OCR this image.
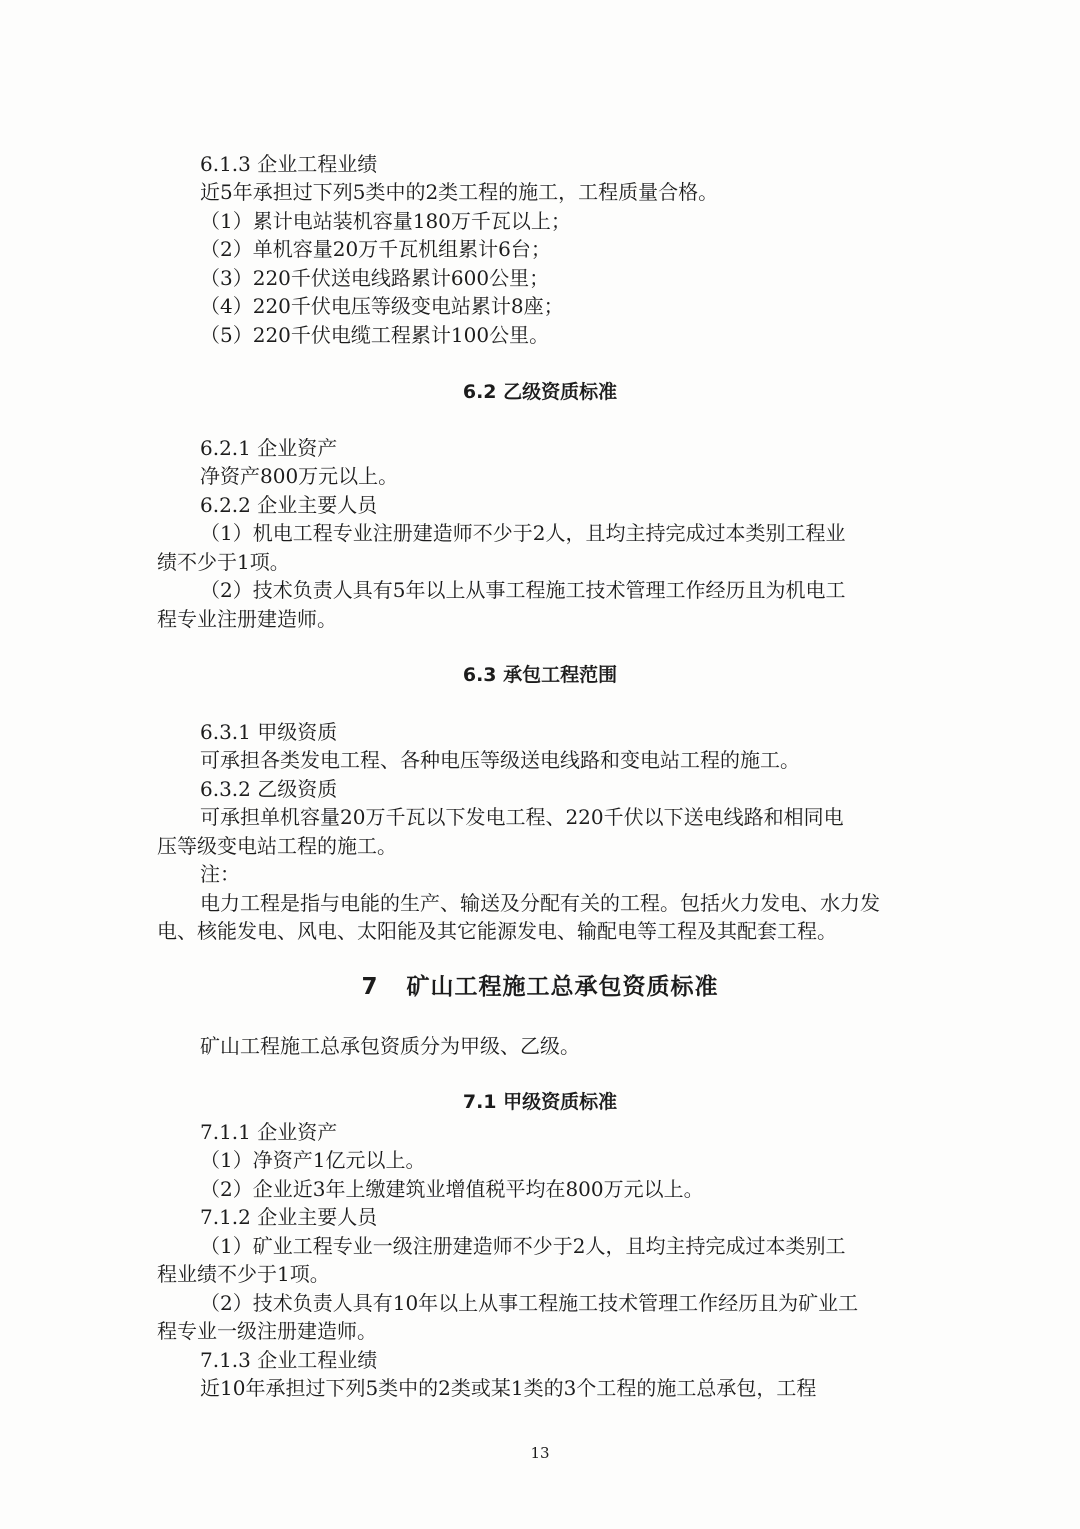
6.1.3 企业工程业绩

近5年承担过下列5类中的2类工程的施工，工程质量合格。

（1）累计电站装机容量180万千瓦以上；

（2）单机容量20万千瓦机组累计6台；

（3）220千伏送电线路累计600公里；

（4）220千伏电压等级变电站累计8座；

（5）220千伏电缆工程累计100公里。

6.2 乙级资质标准

6.2.1 企业资产

净资产800万元以上。

6.2.2 企业主要人员

（1）机电工程专业注册建造师不少于2人，且均主持完成过本类别工程业

绩不少于1项。

（2）技术负责人具有5年以上从事工程施工技术管理工作经历且为机电工

程专业注册建造师。

6.3 承包工程范围

6.3.1 甲级资质

可承担各类发电工程、各种电压等级送电线路和变电站工程的施工。

6.3.2 乙级资质

可承担单机容量20万千瓦以下发电工程、220千伏以下送电线路和相同电

压等级变电站工程的施工。

注：

电力工程是指与电能的生产、输送及分配有关的工程。包括火力发电、水力发

电、核能发电、风电、太阳能及其它能源发电、输配电等工程及其配套工程。

7 矿山工程施工总承包资质标准

矿山工程施工总承包资质分为甲级、乙级。

7.1 甲级资质标准

7.1.1 企业资产

（1）净资产1亿元以上。

（2）企业近3年上缴建筑业增值税平均在800万元以上。

7.1.2 企业主要人员

（1）矿业工程专业一级注册建造师不少于2人，且均主持完成过本类别工

程业绩不少于1项。

（2）技术负责人具有10年以上从事工程施工技术管理工作经历且为矿业工

程专业一级注册建造师。

7.1.3 企业工程业绩

近10年承担过下列5类中的2类或某1类的3个工程的施工总承包，工程

13
